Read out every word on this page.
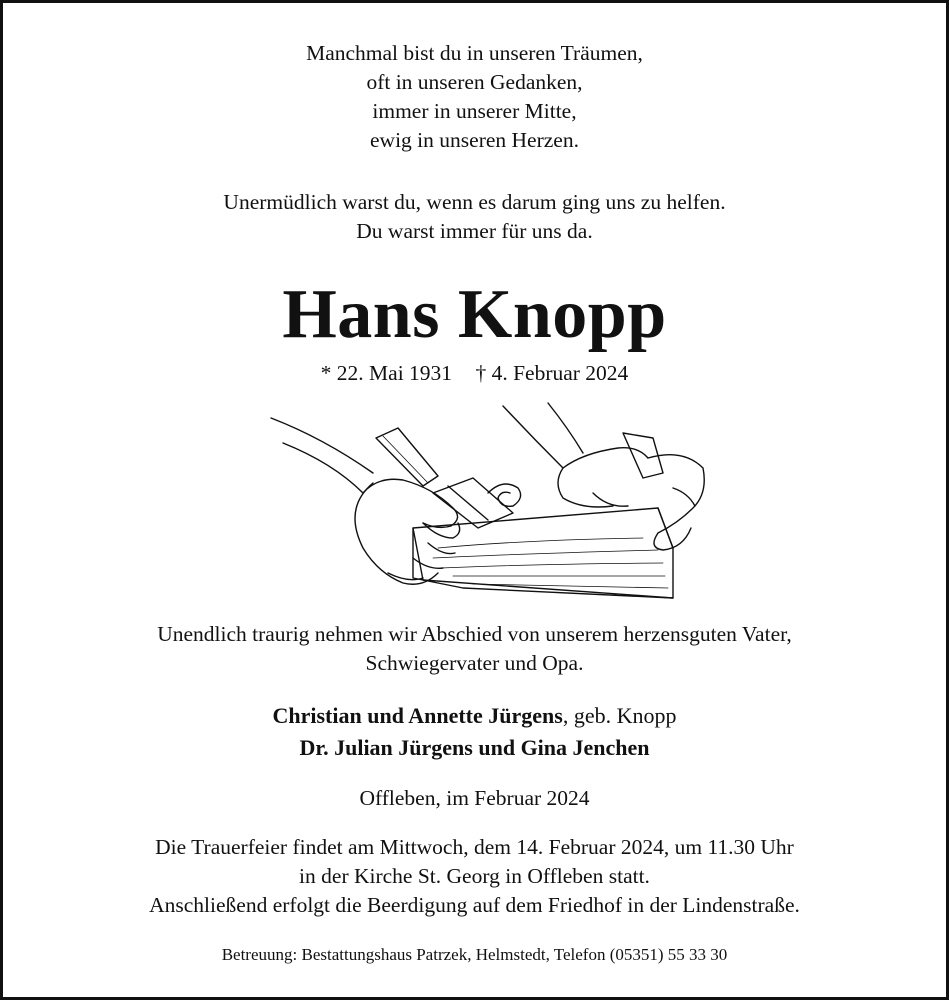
Manchmal bist du in unseren Träumen,
oft in unseren Gedanken,
immer in unserer Mitte,
ewig in unseren Herzen.
Unermüdlich warst du, wenn es darum ging uns zu helfen.
Du warst immer für uns da.
Hans Knopp
* 22. Mai 1931 † 4. Februar 2024
Unendlich traurig nehmen wir Abschied von unserem herzensguten Vater,
Schwiegervater und Opa.
Christian und Annette Jürgens, geb. Knopp
Dr. Julian Jürgens und Gina Jenchen
Offleben, im Februar 2024
Die Trauerfeier findet am Mittwoch, dem 14. Februar 2024, um 11.30 Uhr
in der Kirche St. Georg in Offleben statt.
Anschließend erfolgt die Beerdigung auf dem Friedhof in der Lindenstraße.
Betreuung: Bestattungshaus Patrzek, Helmstedt, Telefon (05351) 55 33 30
